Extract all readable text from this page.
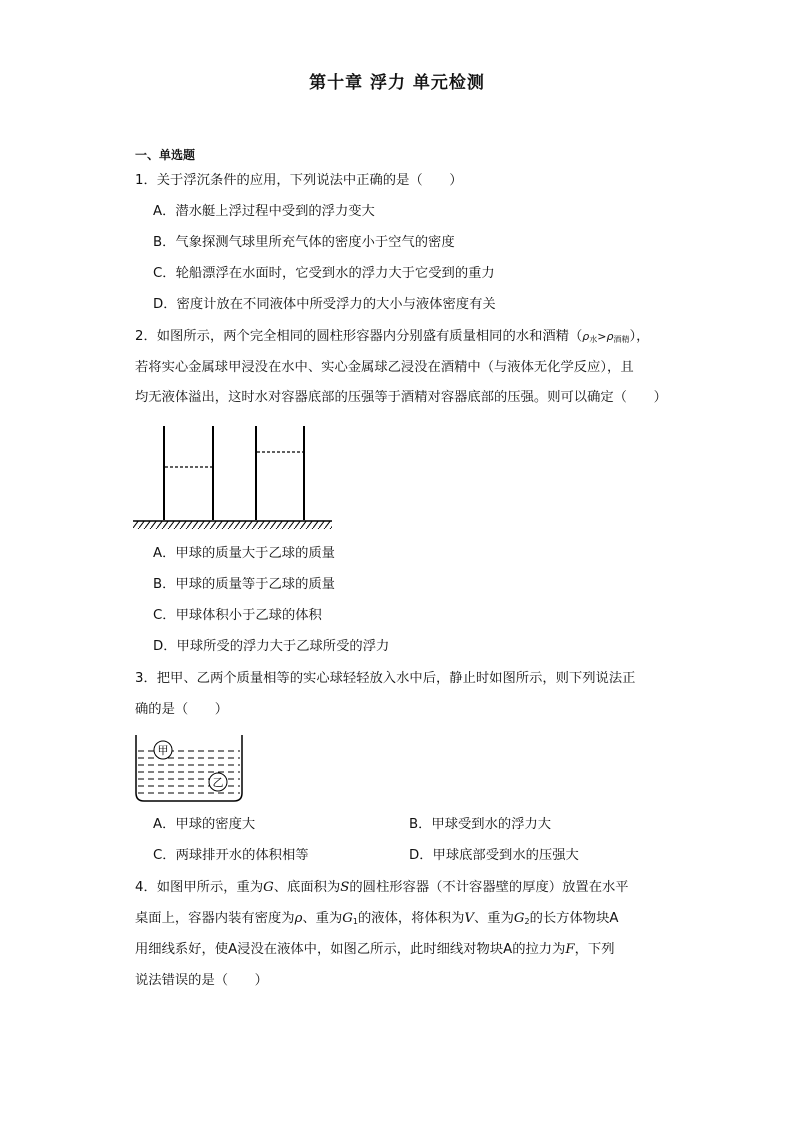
第十章 浮力 单元检测
一、单选题
1．关于浮沉条件的应用，下列说法中正确的是（　　）
A．潜水艇上浮过程中受到的浮力变大
B．气象探测气球里所充气体的密度小于空气的密度
C．轮船漂浮在水面时，它受到水的浮力大于它受到的重力
D．密度计放在不同液体中所受浮力的大小与液体密度有关
2．如图所示，两个完全相同的圆柱形容器内分别盛有质量相同的水和酒精$(\rho_水>\rho_{酒精})$，
若将实心金属球甲浸没在水中、实心金属球乙浸没在酒精中（与液体无化学反应），且
均无液体溢出，这时水对容器底部的压强等于酒精对容器底部的压强。则可以确定（　　）
A．甲球的质量大于乙球的质量
B．甲球的质量等于乙球的质量
C．甲球体积小于乙球的体积
D．甲球所受的浮力大于乙球所受的浮力
3．把甲、乙两个质量相等的实心球轻轻放入水中后，静止时如图所示，则下列说法正
确的是（　　）
甲
乙
A．甲球的密度大	B．甲球受到水的浮力大
C．两球排开水的体积相等	D．甲球底部受到水的压强大
4．如图甲所示，重为G、底面积为S的圆柱形容器（不计容器壁的厚度）放置在水平
桌面上，容器内装有密度为ρ、重为$G_1$的液体，将体积为V、重为$G_2$的长方体物块A
用细线系好，使A浸没在液体中，如图乙所示，此时细线对物块A的拉力为F，下列
说法错误的是（　　）
